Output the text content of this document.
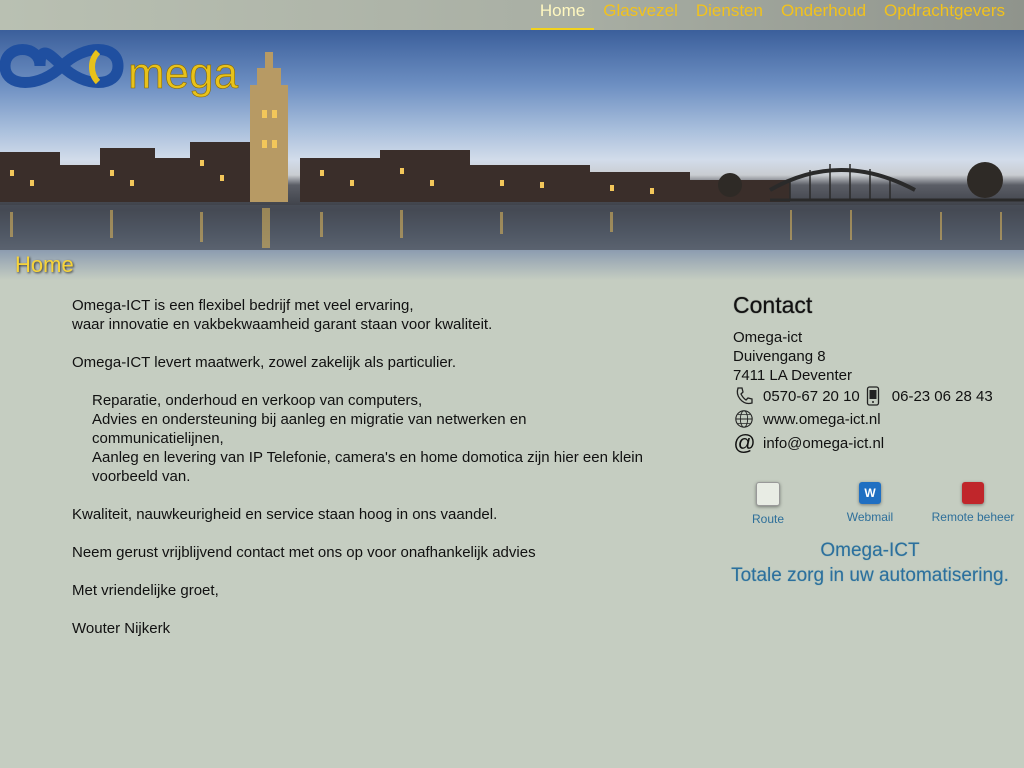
Home	Glasvezel	Diensten	Onderhoud	Opdrachtgevers
mega
Home

Omega-ICT is een flexibel bedrijf met veel ervaring,
waar innovatie en vakbekwaamheid garant staan voor kwaliteit.

Omega-ICT levert maatwerk, zowel zakelijk als particulier.

Reparatie, onderhoud en verkoop van computers,
Advies en ondersteuning bij aanleg en migratie van netwerken en communicatielijnen,
Aanleg en levering van IP Telefonie, camera's en home domotica zijn hier een klein voorbeeld van.

Kwaliteit, nauwkeurigheid en service staan hoog in ons vaandel.

Neem gerust vrijblijvend contact met ons op voor onafhankelijk advies

Met vriendelijke groet,

Wouter Nijkerk

Contact
Omega-ict
Duivengang 8
7411 LA Deventer
0570-67 20 10 06-23 06 28 43
www.omega-ict.nl
@ info@omega-ict.nl
Route
W
Webmail	Remote beheer
Omega-ICT
Totale zorg in uw automatisering.
